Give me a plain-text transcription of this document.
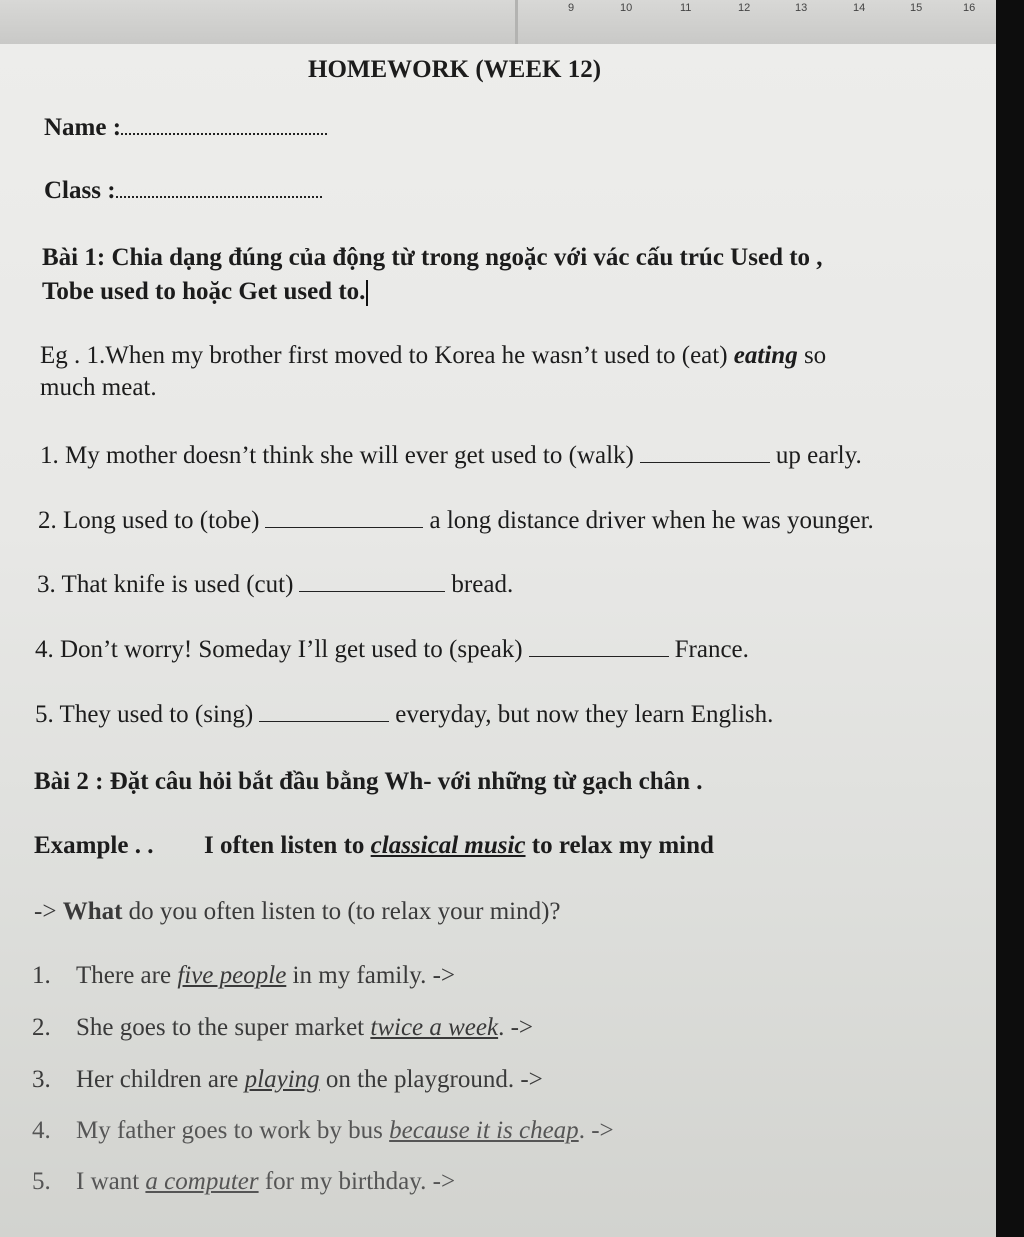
9	10	11	12	13	14	15	16
HOMEWORK (WEEK 12)
Name :
Class :
Bài 1: Chia dạng đúng của động từ trong ngoặc với vác cấu trúc Used to ,
Tobe used to hoặc Get used to.
Eg . 1.When my brother first moved to Korea he wasn’t used to (eat) eating so
much meat.
1. My mother doesn’t think she will ever get used to (walk)	up early.
2. Long used to (tobe)	a long distance driver when he was younger.
3. That knife is used (cut)	bread.
4. Don’t worry! Someday I’ll get used to (speak)	France.
5. They used to (sing)	everyday, but now they learn English.
Bài 2 : Đặt câu hỏi bắt đầu bằng Wh- với những từ gạch chân .
Example . . I often listen to classical music to relax my mind
-> What do you often listen to (to relax your mind)?
1. There are five people in my family. ->
2. She goes to the super market twice a week. ->
3. Her children are playing on the playground. ->
4. My father goes to work by bus because it is cheap. ->
5. I want a computer for my birthday. ->
